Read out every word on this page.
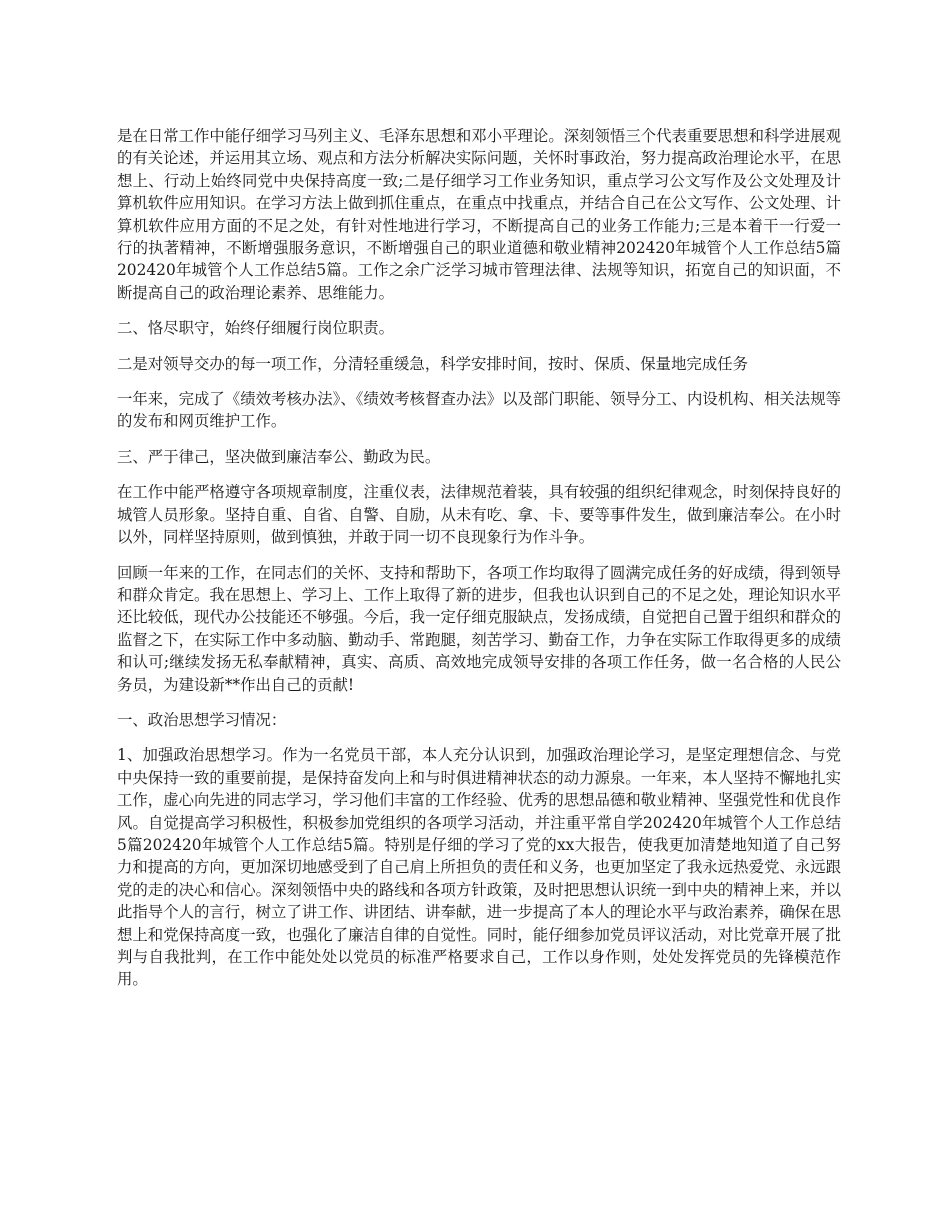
是在日常工作中能仔细学习马列主义、毛泽东思想和邓小平理论。深刻领悟三个代表重要思想和科学进展观的有关论述，并运用其立场、观点和方法分析解决实际问题，关怀时事政治，努力提高政治理论水平，在思想上、行动上始终同党中央保持高度一致;二是仔细学习工作业务知识，重点学习公文写作及公文处理及计算机软件应用知识。在学习方法上做到抓住重点，在重点中找重点，并结合自己在公文写作、公文处理、计算机软件应用方面的不足之处，有针对性地进行学习，不断提高自己的业务工作能力;三是本着干一行爱一行的执著精神，不断增强服务意识，不断增强自己的职业道德和敬业精神202420年城管个人工作总结5篇202420年城管个人工作总结5篇。工作之余广泛学习城市管理法律、法规等知识，拓宽自己的知识面，不断提高自己的政治理论素养、思维能力。

二、恪尽职守，始终仔细履行岗位职责。

二是对领导交办的每一项工作，分清轻重缓急，科学安排时间，按时、保质、保量地完成任务

一年来，完成了《绩效考核办法》、《绩效考核督查办法》以及部门职能、领导分工、内设机构、相关法规等的发布和网页维护工作。

三、严于律己，坚决做到廉洁奉公、勤政为民。

在工作中能严格遵守各项规章制度，注重仪表，法律规范着装，具有较强的组织纪律观念，时刻保持良好的城管人员形象。坚持自重、自省、自警、自励，从未有吃、拿、卡、要等事件发生，做到廉洁奉公。在小时以外，同样坚持原则，做到慎独，并敢于同一切不良现象行为作斗争。

回顾一年来的工作，在同志们的关怀、支持和帮助下，各项工作均取得了圆满完成任务的好成绩，得到领导和群众肯定。我在思想上、学习上、工作上取得了新的进步，但我也认识到自己的不足之处，理论知识水平还比较低，现代办公技能还不够强。今后，我一定仔细克服缺点，发扬成绩，自觉把自己置于组织和群众的监督之下，在实际工作中多动脑、勤动手、常跑腿，刻苦学习、勤奋工作，力争在实际工作取得更多的成绩和认可;继续发扬无私奉献精神，真实、高质、高效地完成领导安排的各项工作任务，做一名合格的人民公务员，为建设新**作出自己的贡献!

一、政治思想学习情况：

1、加强政治思想学习。作为一名党员干部，本人充分认识到，加强政治理论学习，是坚定理想信念、与党中央保持一致的重要前提，是保持奋发向上和与时俱进精神状态的动力源泉。一年来，本人坚持不懈地扎实工作，虚心向先进的同志学习，学习他们丰富的工作经验、优秀的思想品德和敬业精神、坚强党性和优良作风。自觉提高学习积极性，积极参加党组织的各项学习活动，并注重平常自学202420年城管个人工作总结5篇202420年城管个人工作总结5篇。特别是仔细的学习了党的xx大报告，使我更加清楚地知道了自己努力和提高的方向，更加深切地感受到了自己肩上所担负的责任和义务，也更加坚定了我永远热爱党、永远跟党的走的决心和信心。深刻领悟中央的路线和各项方针政策，及时把思想认识统一到中央的精神上来，并以此指导个人的言行，树立了讲工作、讲团结、讲奉献，进一步提高了本人的理论水平与政治素养，确保在思想上和党保持高度一致，也强化了廉洁自律的自觉性。同时，能仔细参加党员评议活动，对比党章开展了批判与自我批判，在工作中能处处以党员的标准严格要求自己，工作以身作则，处处发挥党员的先锋模范作用。
